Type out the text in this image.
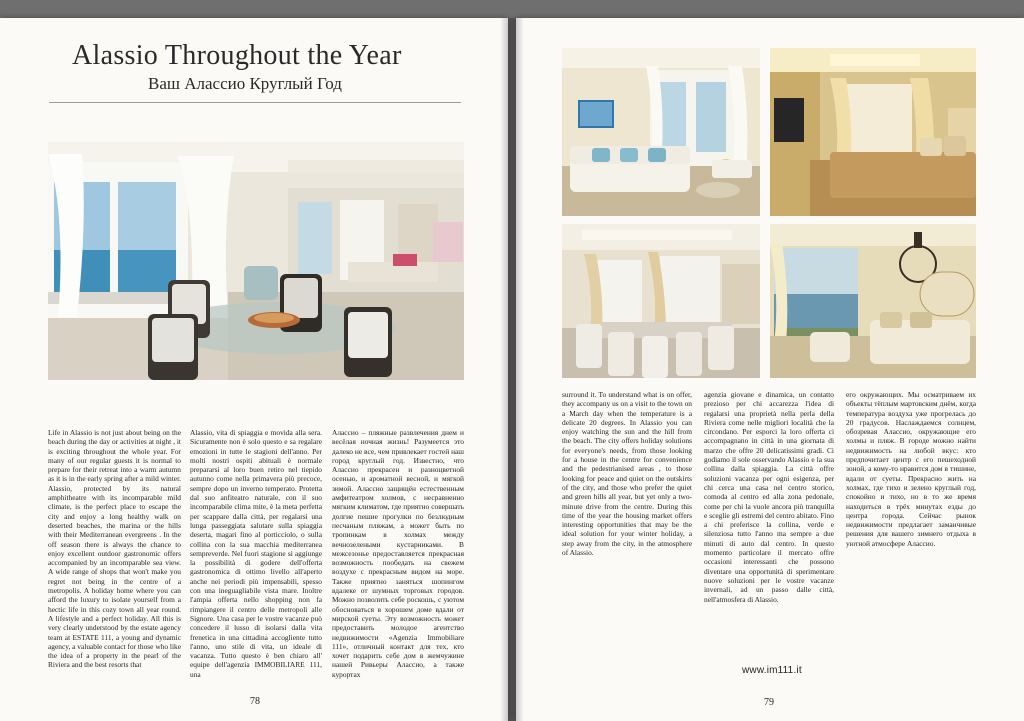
Alassio Throughout the Year
Ваш Алассио Круглый Год

Life in Alassio is not just about being on the beach during the day or activities at night , it is exciting throughout the whole year. For many of our regular guests it is normal to prepare for their retreat into a warm autumn as it is in the early spring after a mild winter. Alassio, protected by its natural amphitheatre with its incomparable mild climate, is the perfect place to escape the city and enjoy a long healthy walk on deserted beaches, the marina or the hills with their Mediterranean evergreens . In the off season there is always the chance to enjoy excellent outdoor gastronomic offers accompanied by an incomparable sea view. A wide range of shops that won't make you regret not being in the centre of a metropolis. A holiday home where you can afford the luxury to isolate yourself from a hectic life in this cozy town all year round. A lifestyle and a perfect holiday. All this is very clearly understood by the estate agency team at ESTATE 111, a young and dynamic agency, a valuable contact for those who like the idea of a property in the pearl of the Riviera and the best resorts that

Alassio, vita di spiaggia e movida alla sera. Sicuramente non è solo questo e sa regalare emozioni in tutte le stagioni dell'anno. Per molti nostri ospiti abituali è normale prepararsi al loro buen retiro nel tiepido autunno come nella primavera più precoce, sempre dopo un inverno temperato. Protetta dal suo anfiteatro naturale, con il suo incomparabile clima mite, è la meta perfetta per scappare dalla città, per regalarsi una lunga passeggiata salutare sulla spiaggia deserta, magari fino al porticciolo, o sulla collina con la sua macchia mediterranea sempreverde. Nel fuori stagione si aggiunge la possibilità di godere dell'offerta gastronomica di ottimo livello all'aperto anche nei periodi più impensabili, spesso con una ineguagliabile vista mare. Inoltre l'ampia offerta nello shopping non fa rimpiangere il centro delle metropoli alle Signore. Una casa per le vostre vacanze può concedere il lusso di isolarsi dalla vita frenetica in una cittadina accogliente tutto l'anno, uno stile di vita, un ideale di vacanza. Tutto questo è ben chiaro all' equipe dell'agenzia IMMOBILIARE 111, una

Алассио – пляжные развлечения днем и весёлая ночная жизнь! Разумеется это далеко не все, чем привлекает гостей наш город круглый год. Известно, что Алассио прекрасен и разноцветной осенью, и ароматной весной, и мягкой зимой. Алассио защищён естественным амфитеатром холмов, с несравненно мягким климатом, где приятно совершать долгие пешие прогулки по безлюдным песчаным пляжам, а может быть по тропинкам в холмах между вечнозелеными кустарниками. В межсезонье предоставляется прекрасная возможность пообедать на свежем воздухе с прекрасным видом на море. Также приятно заняться шопингом вдалеке от шумных торговых городов. Можно позволить себе роскошь, с уютом обосноваться в хорошем доме вдали от мирской суеты. Эту возможность может предоставить молодое агентство недвижимости «Agenzia Immobiliare 111», отличный контакт для тех, кто хочет подарить себе дом в жемчужине нашей Ривьеры Алассио, а также курортах

78

surround it. To understand what is on offer, they accompany us on a visit to the town on a March day when the temperature is a delicate 20 degrees. In Alassio you can enjoy watching the sun and the hill from the beach. The city offers holiday solutions for everyone's needs, from those looking for a house in the centre for convenience and the pedestrianised areas , to those looking for peace and quiet on the outskirts of the city, and those who prefer the quiet and green hills all year, but yet only a two-minute drive from the centre. During this time of the year the housing market offers interesting opportunities that may be the ideal solution for your winter holiday, a step away from the city, in the atmosphere of Alassio.

agenzia giovane e dinamica, un contatto prezioso per chi accarezza l'idea di regalarsi una proprietà nella perla della Riviera come nelle migliori località che la circondano. Per esporci la loro offerta ci accompagnano in città in una giornata di marzo che offre 20 delicatissimi gradi. Ci godiamo il sole osservando Alassio e la sua collina dalla spiaggia. La città offre soluzioni vacanza per ogni esigenza, per chi cerca una casa nel centro storico, comoda al centro ed alla zona pedonale, come per chi la vuole ancora più tranquilla e sceglie gli estremi del centro abitato. Fino a chi preferisce la collina, verde e silenziosa tutto l'anno ma sempre a due minuti di auto dal centro. In questo momento particolare il mercato offre occasioni interessanti che possono diventare una opportunità di sperimentare nuove soluzioni per le vostre vacanze invernali, ad un passo dalle città, nell'atmosfera di Alassio.

его окружающих. Мы осматриваем их объекты тёплым мартовским днём, когда температура воздуха уже прогрелась до 20 градусов. Наслаждаемся солнцем, обозревая Алассио, окружающие его холмы и пляж. В городе можно найти недвижимость на любой вкус: кто предпочитает центр с его пешеходной зоной, а кому-то нравится дом в тишине, вдали от суеты. Прекрасно жить на холмах, где тихо и зелено круглый год, спокойно и тихо, но в то же время находиться в трёх минутах езды до центра города. Сейчас рынок недвижимости предлагает заманчивые решения для вашего зимнего отдыха в уютной атмосфере Алассио.

www.im111.it
79
